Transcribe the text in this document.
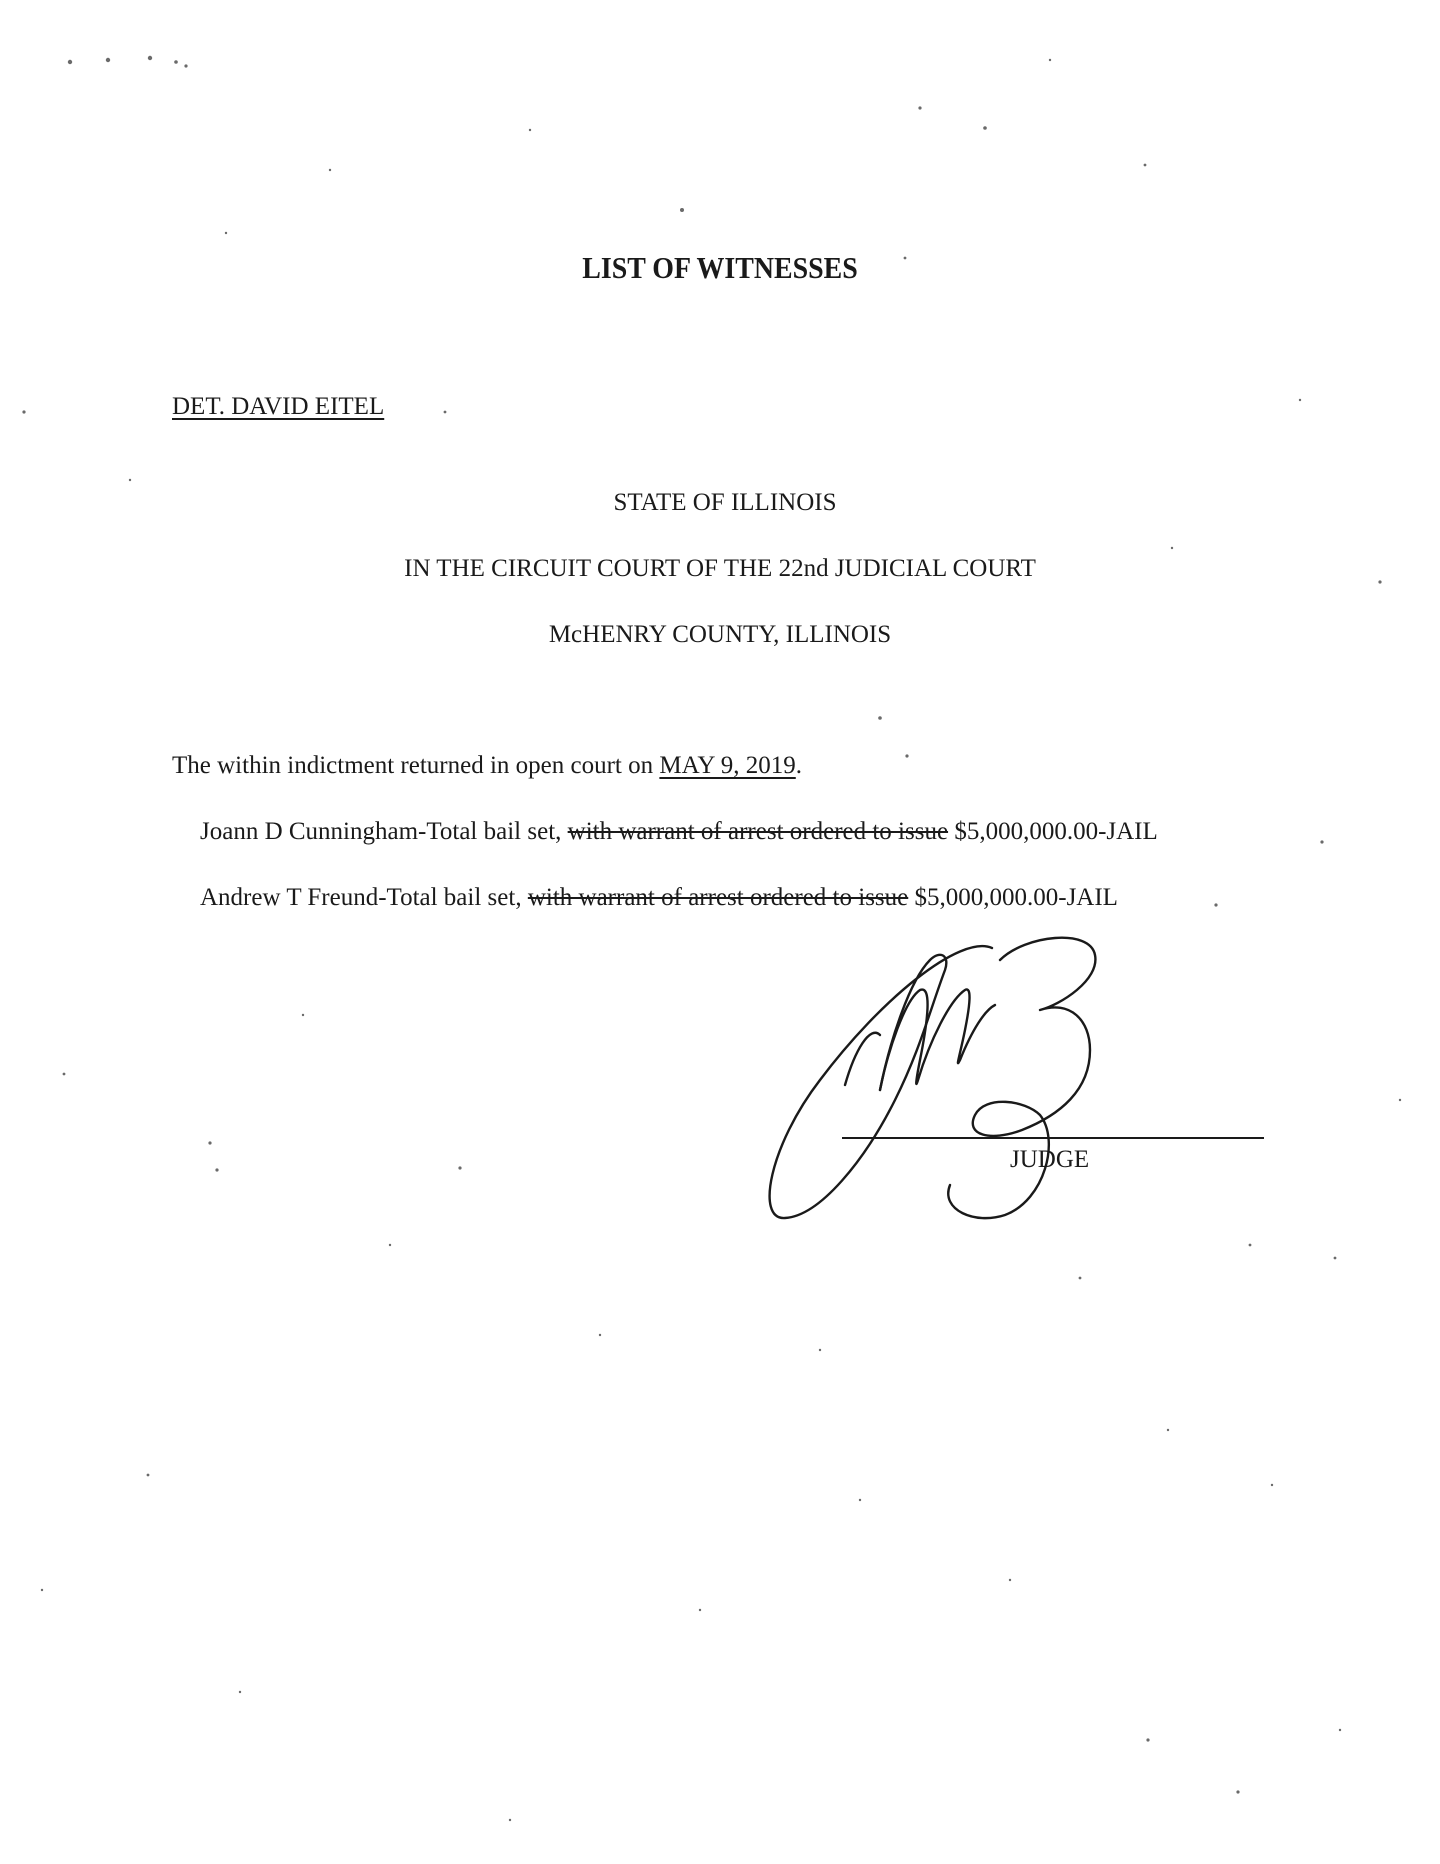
LIST OF WITNESSES
DET. DAVID EITEL
STATE OF ILLINOIS
IN THE CIRCUIT COURT OF THE 22nd JUDICIAL COURT
McHENRY COUNTY, ILLINOIS
The within indictment returned in open court on MAY 9, 2019.
Joann D Cunningham-Total bail set, with warrant of arrest ordered to issue $5,000,000.00-JAIL
Andrew T Freund-Total bail set, with warrant of arrest ordered to issue $5,000,000.00-JAIL
JUDGE
